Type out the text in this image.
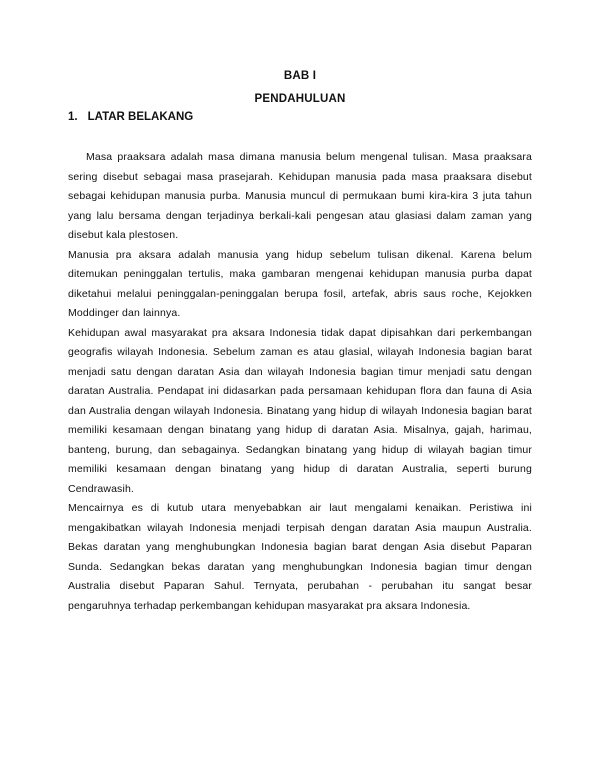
BAB I
PENDAHULUAN
1. LATAR BELAKANG

Masa praaksara adalah masa dimana manusia belum mengenal tulisan. Masa praaksara sering disebut sebagai masa prasejarah. Kehidupan manusia pada masa praaksara disebut sebagai kehidupan manusia purba. Manusia muncul di permukaan bumi kira-kira 3 juta tahun yang lalu bersama dengan terjadinya berkali-kali pengesan atau glasiasi dalam zaman yang disebut kala plestosen.

Manusia pra aksara adalah manusia yang hidup sebelum tulisan dikenal. Karena belum ditemukan peninggalan tertulis, maka gambaran mengenai kehidupan manusia purba dapat diketahui melalui peninggalan-peninggalan berupa fosil, artefak, abris saus roche, Kejokken Moddinger dan lainnya.

Kehidupan awal masyarakat pra aksara Indonesia tidak dapat dipisahkan dari perkembangan geografis wilayah Indonesia. Sebelum zaman es atau glasial, wilayah Indonesia bagian barat menjadi satu dengan daratan Asia dan wilayah Indonesia bagian timur menjadi satu dengan daratan Australia. Pendapat ini didasarkan pada persamaan kehidupan flora dan fauna di Asia dan Australia dengan wilayah Indonesia. Binatang yang hidup di wilayah Indonesia bagian barat memiliki kesamaan dengan binatang yang hidup di daratan Asia. Misalnya, gajah, harimau, banteng, burung, dan sebagainya. Sedangkan binatang yang hidup di wilayah bagian timur memiliki kesamaan dengan binatang yang hidup di daratan Australia, seperti burung Cendrawasih.

Mencairnya es di kutub utara menyebabkan air laut mengalami kenaikan. Peristiwa ini mengakibatkan wilayah Indonesia menjadi terpisah dengan daratan Asia maupun Australia. Bekas daratan yang menghubungkan Indonesia bagian barat dengan Asia disebut Paparan Sunda. Sedangkan bekas daratan yang menghubungkan Indonesia bagian timur dengan Australia disebut Paparan Sahul. Ternyata, perubahan - perubahan itu sangat besar pengaruhnya terhadap perkembangan kehidupan masyarakat pra aksara Indonesia.
